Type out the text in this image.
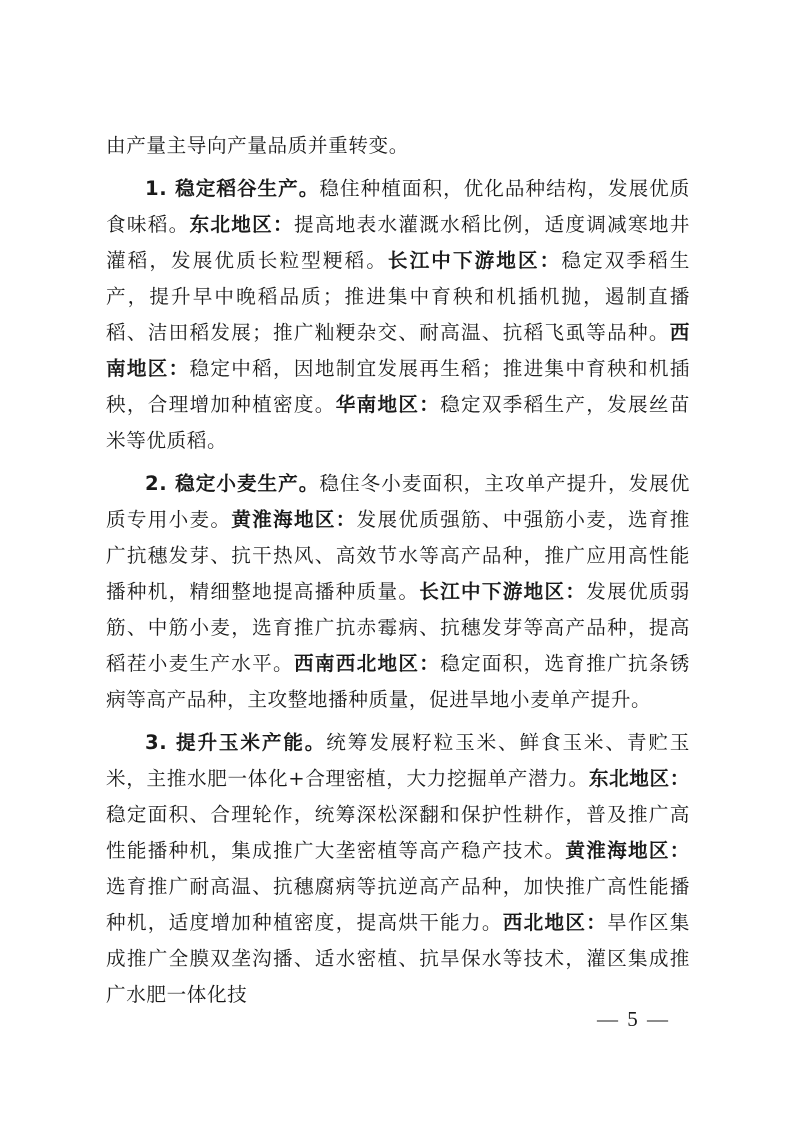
由产量主导向产量品质并重转变。

1. 稳定稻谷生产。稳住种植面积，优化品种结构，发展优质食味稻。东北地区：提高地表水灌溉水稻比例，适度调减寒地井灌稻，发展优质长粒型粳稻。长江中下游地区：稳定双季稻生产，提升早中晚稻品质；推进集中育秧和机插机抛，遏制直播稻、洁田稻发展；推广籼粳杂交、耐高温、抗稻飞虱等品种。西南地区：稳定中稻，因地制宜发展再生稻；推进集中育秧和机插秧，合理增加种植密度。华南地区：稳定双季稻生产，发展丝苗米等优质稻。

2. 稳定小麦生产。稳住冬小麦面积，主攻单产提升，发展优质专用小麦。黄淮海地区：发展优质强筋、中强筋小麦，选育推广抗穗发芽、抗干热风、高效节水等高产品种，推广应用高性能播种机，精细整地提高播种质量。长江中下游地区：发展优质弱筋、中筋小麦，选育推广抗赤霉病、抗穗发芽等高产品种，提高稻茬小麦生产水平。西南西北地区：稳定面积，选育推广抗条锈病等高产品种，主攻整地播种质量，促进旱地小麦单产提升。

3. 提升玉米产能。统筹发展籽粒玉米、鲜食玉米、青贮玉米，主推水肥一体化+合理密植，大力挖掘单产潜力。东北地区：稳定面积、合理轮作，统筹深松深翻和保护性耕作，普及推广高性能播种机，集成推广大垄密植等高产稳产技术。黄淮海地区：选育推广耐高温、抗穗腐病等抗逆高产品种，加快推广高性能播种机，适度增加种植密度，提高烘干能力。西北地区：旱作区集成推广全膜双垄沟播、适水密植、抗旱保水等技术，灌区集成推广水肥一体化技

— 5 —
